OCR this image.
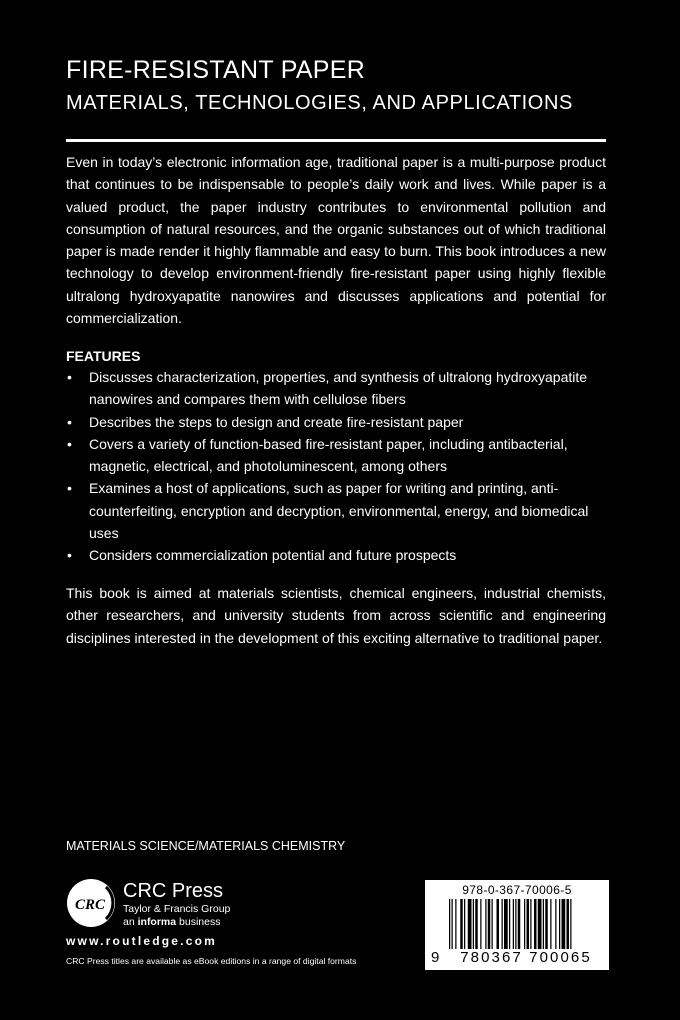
FIRE-RESISTANT PAPER
MATERIALS, TECHNOLOGIES, AND APPLICATIONS

Even in today’s electronic information age, traditional paper is a multi-purpose product that continues to be indispensable to people’s daily work and lives. While paper is a valued product, the paper industry contributes to environmental pollution and consumption of natural resources, and the organic substances out of which traditional paper is made render it highly flammable and easy to burn. This book introduces a new technology to develop environment-friendly fire-resistant paper using highly flexible ultralong hydroxyapatite nanowires and discusses applications and potential for commercialization.

FEATURES
• Discusses characterization, properties, and synthesis of ultralong hydroxyapatite nanowires and compares them with cellulose fibers
• Describes the steps to design and create fire-resistant paper
• Covers a variety of function-based fire-resistant paper, including antibacterial, magnetic, electrical, and photoluminescent, among others
• Examines a host of applications, such as paper for writing and printing, anti-counterfeiting, encryption and decryption, environmental, energy, and biomedical uses
• Considers commercialization potential and future prospects

This book is aimed at materials scientists, chemical engineers, industrial chemists, other researchers, and university students from across scientific and engineering disciplines interested in the development of this exciting alternative to traditional paper.

MATERIALS SCIENCE/MATERIALS CHEMISTRY
CRC
CRC Press
Taylor & Francis Group
an informa business
www.routledge.com
CRC Press titles are available as eBook editions in a range of digital formats
978-0-367-70006-5
9	780367 700065
